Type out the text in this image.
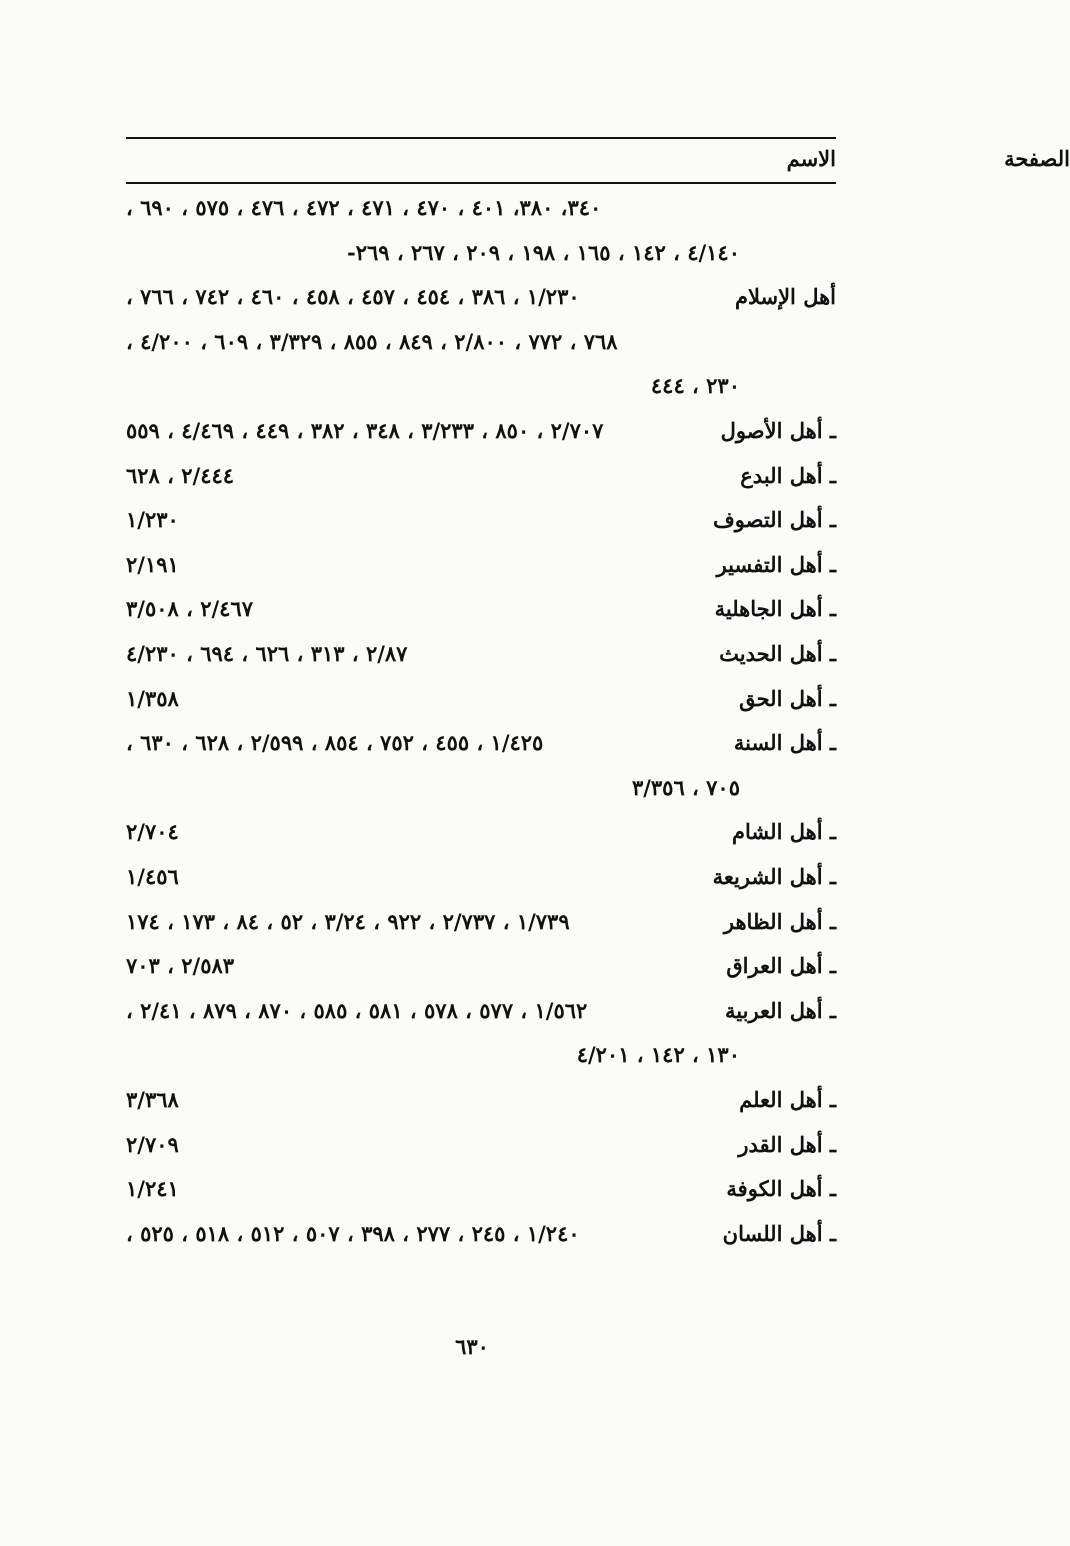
الاسم	الصفحة
٣٤٠، ٣٨٠، ٤٠١ ، ٤٧٠ ، ٤٧١ ، ٤٧٢ ، ٤٧٦ ، ٥٧٥ ، ٦٩٠ ،
٤/١٤٠ ، ١٤٢ ، ١٦٥ ، ١٩٨ ، ٢٠٩ ، ٢٦٧ ، ٢٦٩-
أهل الإسلام
١/٢٣٠ ، ٣٨٦ ، ٤٥٤ ، ٤٥٧ ، ٤٥٨ ، ٤٦٠ ، ٧٤٢ ، ٧٦٦ ،
٧٦٨ ، ٧٧٢ ، ٢/٨٠٠ ، ٨٤٩ ، ٨٥٥ ، ٣/٣٢٩ ، ٦٠٩ ، ٤/٢٠٠ ،
٢٣٠ ، ٤٤٤
ـ أهل الأصول
٢/٧٠٧ ، ٨٥٠ ، ٣/٢٣٣ ، ٣٤٨ ، ٣٨٢ ، ٤٤٩ ، ٤/٤٦٩ ، ٥٥٩
ـ أهل البدع
٢/٤٤٤ ، ٦٢٨
ـ أهل التصوف
١/٢٣٠
ـ أهل التفسير
٢/١٩١
ـ أهل الجاهلية
٢/٤٦٧ ، ٣/٥٠٨
ـ أهل الحديث
٢/٨٧ ، ٣١٣ ، ٦٢٦ ، ٦٩٤ ، ٤/٢٣٠
ـ أهل الحق
١/٣٥٨
ـ أهل السنة
١/٤٢٥ ، ٤٥٥ ، ٧٥٢ ، ٨٥٤ ، ٢/٥٩٩ ، ٦٢٨ ، ٦٣٠ ،
٧٠٥ ، ٣/٣٥٦
ـ أهل الشام
٢/٧٠٤
ـ أهل الشريعة
١/٤٥٦
ـ أهل الظاهر
١/٧٣٩ ، ٢/٧٣٧ ، ٩٢٢ ، ٣/٢٤ ، ٥٢ ، ٨٤ ، ١٧٣ ، ١٧٤
ـ أهل العراق
٢/٥٨٣ ، ٧٠٣
ـ أهل العربية
١/٥٦٢ ، ٥٧٧ ، ٥٧٨ ، ٥٨١ ، ٥٨٥ ، ٨٧٠ ، ٨٧٩ ، ٢/٤١ ،
١٣٠ ، ١٤٢ ، ٤/٢٠١
ـ أهل العلم
٣/٣٦٨
ـ أهل القدر
٢/٧٠٩
ـ أهل الكوفة
١/٢٤١
ـ أهل اللسان
١/٢٤٠ ، ٢٤٥ ، ٢٧٧ ، ٣٩٨ ، ٥٠٧ ، ٥١٢ ، ٥١٨ ، ٥٢٥ ،
٦٣٠
